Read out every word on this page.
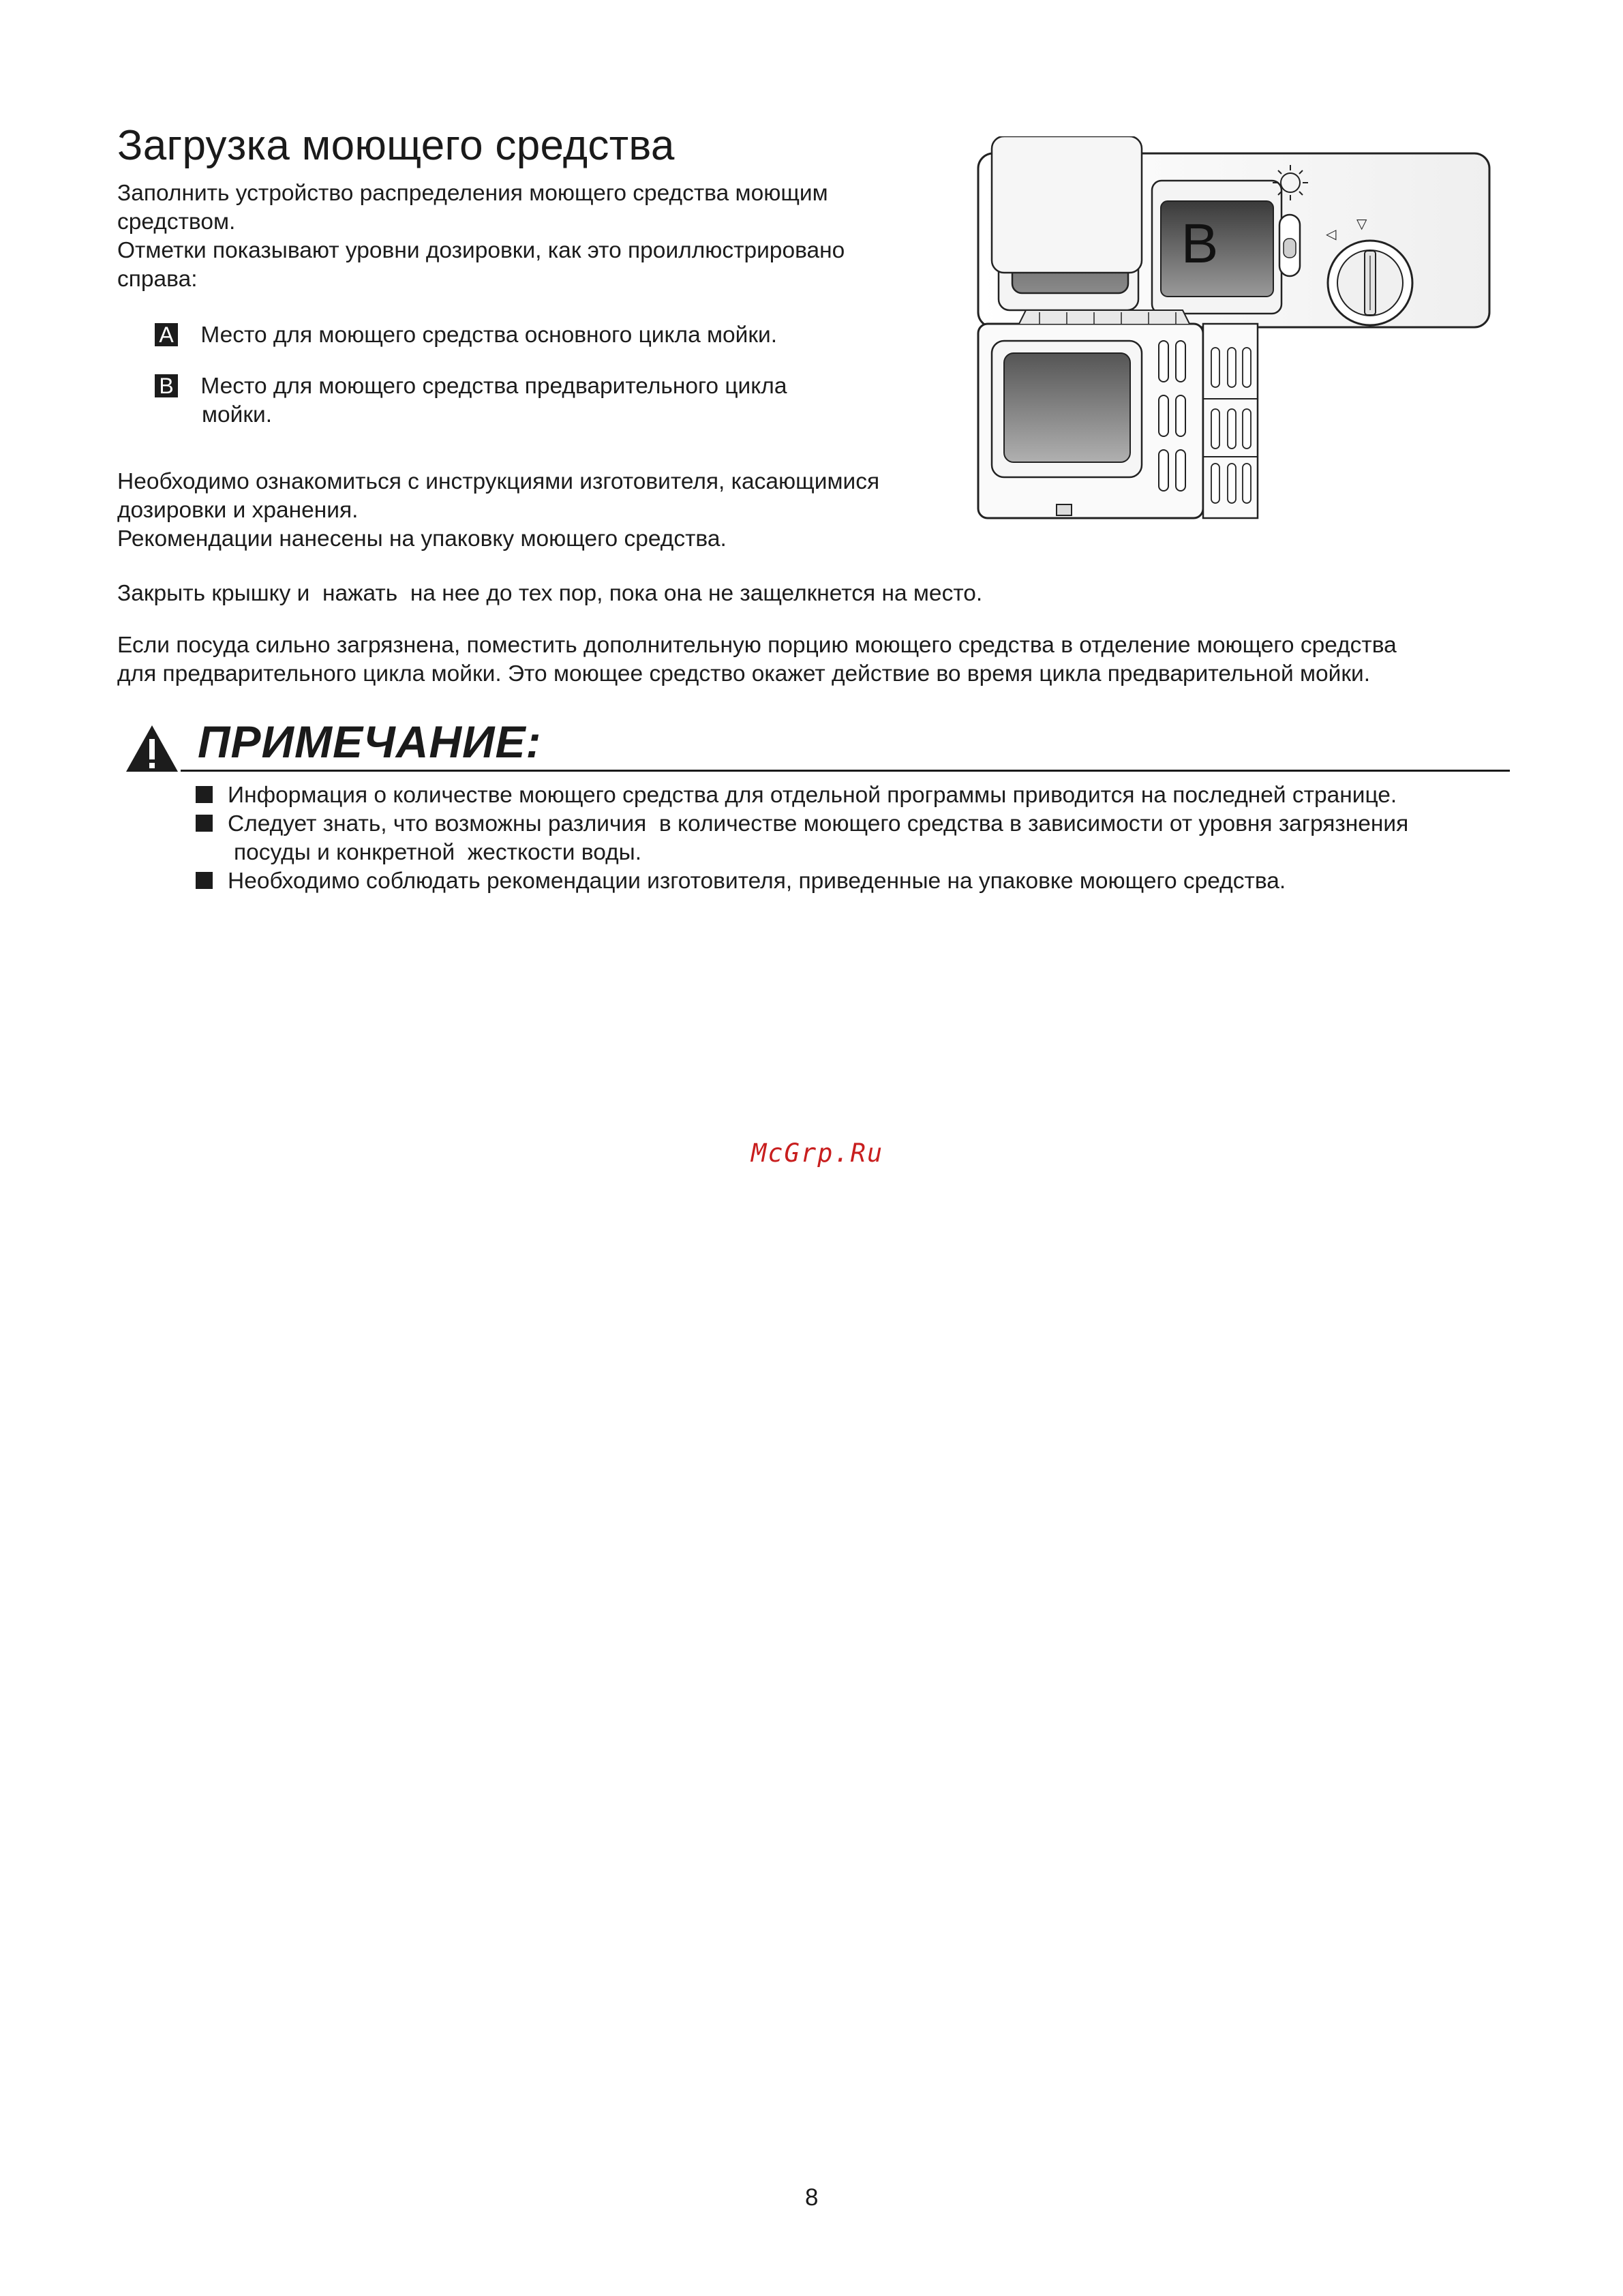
Загрузка моющего средства
Заполнить устройство распределения моющего средства моющим
средством.
Отметки показывают уровни дозировки, как это проиллюстрировано
справа:
A Место для моющего средства основного цикла мойки.
B Место для моющего средства предварительного цикла
мойки.
Необходимо ознакомиться с инструкциями изготовителя, касающимися
дозировки и хранения.
Рекомендации нанесены на упаковку моющего средства.
Закрыть крышку и  нажать  на нее до тех пор, пока она не защелкнется на место.
Если посуда сильно загрязнена, поместить дополнительную порцию моющего средства в отделение моющего средства
для предварительного цикла мойки. Это моющее средство окажет действие во время цикла предварительной мойки.
B	◁
▽
ПРИМЕЧАНИЕ:
Информация о количестве моющего средства для отдельной программы приводится на последней странице.
Следует знать, что возможны различия  в количестве моющего средства в зависимости от уровня загрязнения
посуды и конкретной  жесткости воды.
Необходимо соблюдать рекомендации изготовителя, приведенные на упаковке моющего средства.
McGrp.Ru
8
